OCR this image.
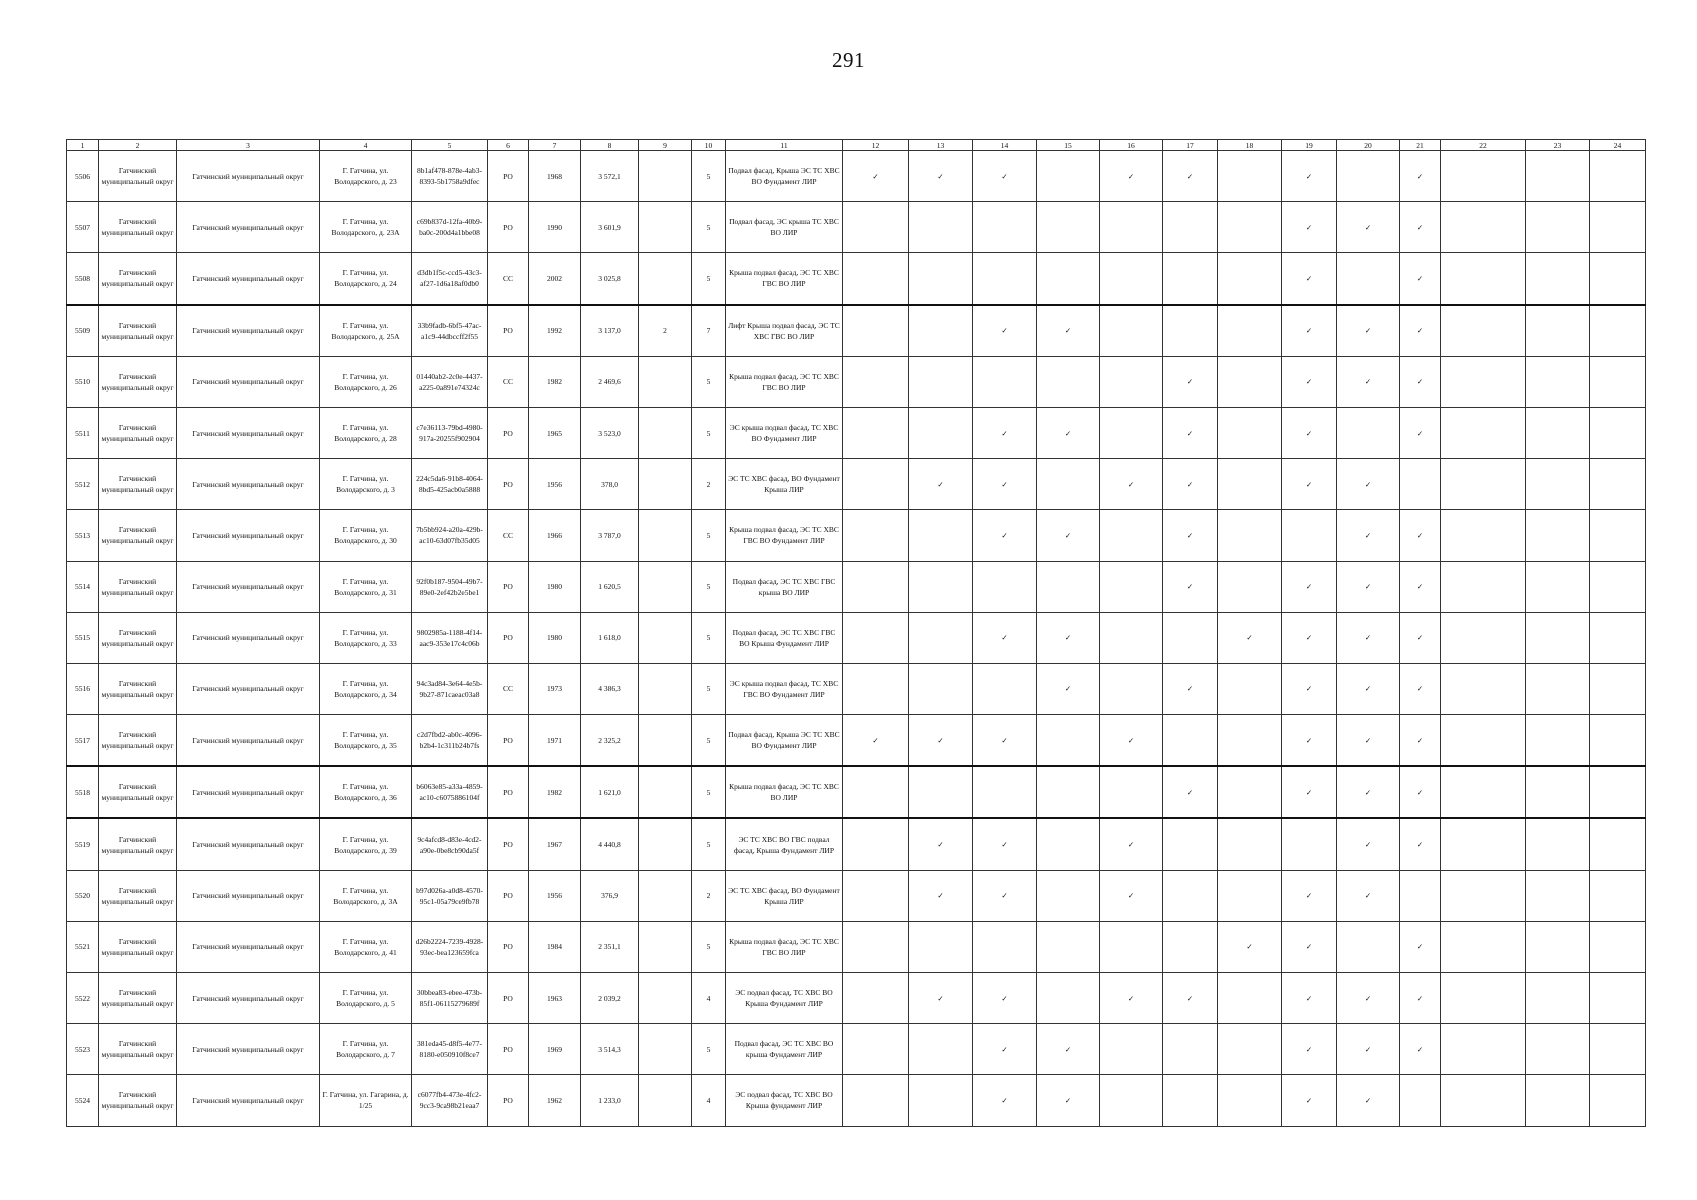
291
1	2	3	4	5	6	7	8	9	10	11	12	13	14	15	16	17	18	19	20	21	22	23	24
5506	Гатчинский муниципальный округ	Гатчинский муниципальный округ	Г. Гатчина, ул. Володарского, д. 23	8b1af478-878e-4ab3-8393-5b1758a9dfec	РО	1968	3 572,1		5	Подвал фасад, Крыша ЭС ТС ХВС ВО Фундамент ЛИР	✓	✓	✓		✓	✓		✓		✓			
5507	Гатчинский муниципальный округ	Гатчинский муниципальный округ	Г. Гатчина, ул. Володарского, д. 23А	c69b837d-12fa-40b9-ba0c-200d4a1bbe08	РО	1990	3 601,9		5	Подвал фасад, ЭС крыша ТС ХВС ВО ЛИР								✓	✓	✓			
5508	Гатчинский муниципальный округ	Гатчинский муниципальный округ	Г. Гатчина, ул. Володарского, д. 24	d3db1f5c-ccd5-43c3-af27-1d6a18af0db0	СС	2002	3 025,8		5	Крыша подвал фасад, ЭС ТС ХВС ГВС ВО ЛИР								✓		✓			
5509	Гатчинский муниципальный округ	Гатчинский муниципальный округ	Г. Гатчина, ул. Володарского, д. 25А	33b9fadb-6bf5-47ac-a1c9-44dbccff2f55	РО	1992	3 137,0	2	7	Лифт Крыша подвал фасад, ЭС ТС ХВС ГВС ВО ЛИР			✓	✓				✓	✓	✓			
5510	Гатчинский муниципальный округ	Гатчинский муниципальный округ	Г. Гатчина, ул. Володарского, д. 26	01440ab2-2c0e-4437-a225-0a891e74324c	СС	1982	2 469,6		5	Крыша подвал фасад, ЭС ТС ХВС ГВС ВО ЛИР						✓		✓	✓	✓			
5511	Гатчинский муниципальный округ	Гатчинский муниципальный округ	Г. Гатчина, ул. Володарского, д. 28	c7e36113-79bd-4980-917a-20255f902904	РО	1965	3 523,0		5	ЭС крыша подвал фасад, ТС ХВС ВО Фундамент ЛИР			✓	✓		✓		✓		✓			
5512	Гатчинский муниципальный округ	Гатчинский муниципальный округ	Г. Гатчина, ул. Володарского, д. 3	224c5da6-91b8-4064-8bd5-425acb0a5888	РО	1956	378,0		2	ЭС ТС ХВС фасад, ВО Фундамент Крыша ЛИР		✓	✓		✓	✓		✓	✓				
5513	Гатчинский муниципальный округ	Гатчинский муниципальный округ	Г. Гатчина, ул. Володарского, д. 30	7b5bb924-a20a-429b-ac10-63d07fb35d05	СС	1966	3 787,0		5	Крыша подвал фасад, ЭС ТС ХВС ГВС ВО Фундамент ЛИР			✓	✓		✓			✓	✓			
5514	Гатчинский муниципальный округ	Гатчинский муниципальный округ	Г. Гатчина, ул. Володарского, д. 31	92f0b187-9504-49b7-89e0-2ef42b2e5be1	РО	1980	1 620,5		5	Подвал фасад, ЭС ТС ХВС ГВС крыша ВО ЛИР						✓		✓	✓	✓			
5515	Гатчинский муниципальный округ	Гатчинский муниципальный округ	Г. Гатчина, ул. Володарского, д. 33	9802985a-1188-4f14-aac9-353e17c4c06b	РО	1980	1 618,0		5	Подвал фасад, ЭС ТС ХВС ГВС ВО Крыша Фундамент ЛИР			✓	✓			✓	✓	✓	✓			
5516	Гатчинский муниципальный округ	Гатчинский муниципальный округ	Г. Гатчина, ул. Володарского, д. 34	94c3ad84-3e64-4e5b-9b27-871caeac03a8	СС	1973	4 386,3		5	ЭС крыша подвал фасад, ТС ХВС ГВС ВО Фундамент ЛИР				✓		✓		✓	✓	✓			
5517	Гатчинский муниципальный округ	Гатчинский муниципальный округ	Г. Гатчина, ул. Володарского, д. 35	c2d7fbd2-ab0c-4096-b2b4-1c311b24b7fs	РО	1971	2 325,2		5	Подвал фасад, Крыша ЭС ТС ХВС ВО Фундамент ЛИР	✓	✓	✓		✓			✓	✓	✓			
5518	Гатчинский муниципальный округ	Гатчинский муниципальный округ	Г. Гатчина, ул. Володарского, д. 36	b6063e85-a33a-4859-ac10-c6075886104f	РО	1982	1 621,0		5	Крыша подвал фасад, ЭС ТС ХВС ВО ЛИР						✓		✓	✓	✓			
5519	Гатчинский муниципальный округ	Гатчинский муниципальный округ	Г. Гатчина, ул. Володарского, д. 39	9c4afcd8-d83e-4cd2-a90e-0be8cb90da5f	РО	1967	4 440,8		5	ЭС ТС ХВС ВО ГВС подвал фасад, Крыша Фундамент ЛИР		✓	✓		✓				✓	✓			
5520	Гатчинский муниципальный округ	Гатчинский муниципальный округ	Г. Гатчина, ул. Володарского, д. 3А	b97d026a-a0d8-4570-95c1-05a79ce9fb78	РО	1956	376,9		2	ЭС ТС ХВС фасад, ВО Фундамент Крыша ЛИР		✓	✓		✓			✓	✓				
5521	Гатчинский муниципальный округ	Гатчинский муниципальный округ	Г. Гатчина, ул. Володарского, д. 41	d26b2224-7239-4928-93ec-bea123659fca	РО	1984	2 351,1		5	Крыша подвал фасад, ЭС ТС ХВС ГВС ВО ЛИР							✓	✓		✓			
5522	Гатчинский муниципальный округ	Гатчинский муниципальный округ	Г. Гатчина, ул. Володарского, д. 5	30bbea83-ebee-473b-85f1-06115279689f	РО	1963	2 039,2		4	ЭС подвал фасад, ТС ХВС ВО Крыша Фундамент ЛИР		✓	✓		✓	✓		✓	✓	✓			
5523	Гатчинский муниципальный округ	Гатчинский муниципальный округ	Г. Гатчина, ул. Володарского, д. 7	381eda45-d8f5-4e77-8180-e050910f8ce7	РО	1969	3 514,3		5	Подвал фасад, ЭС ТС ХВС ВО крыша Фундамент ЛИР			✓	✓				✓	✓	✓			
5524	Гатчинский муниципальный округ	Гатчинский муниципальный округ	Г. Гатчина, ул. Гагарина, д. 1/25	c6077fb4-473e-4fc2-9cc3-9ca98b21eaa7	РО	1962	1 233,0		4	ЭС подвал фасад, ТС ХВС ВО Крыша фундамент ЛИР			✓	✓				✓	✓				
